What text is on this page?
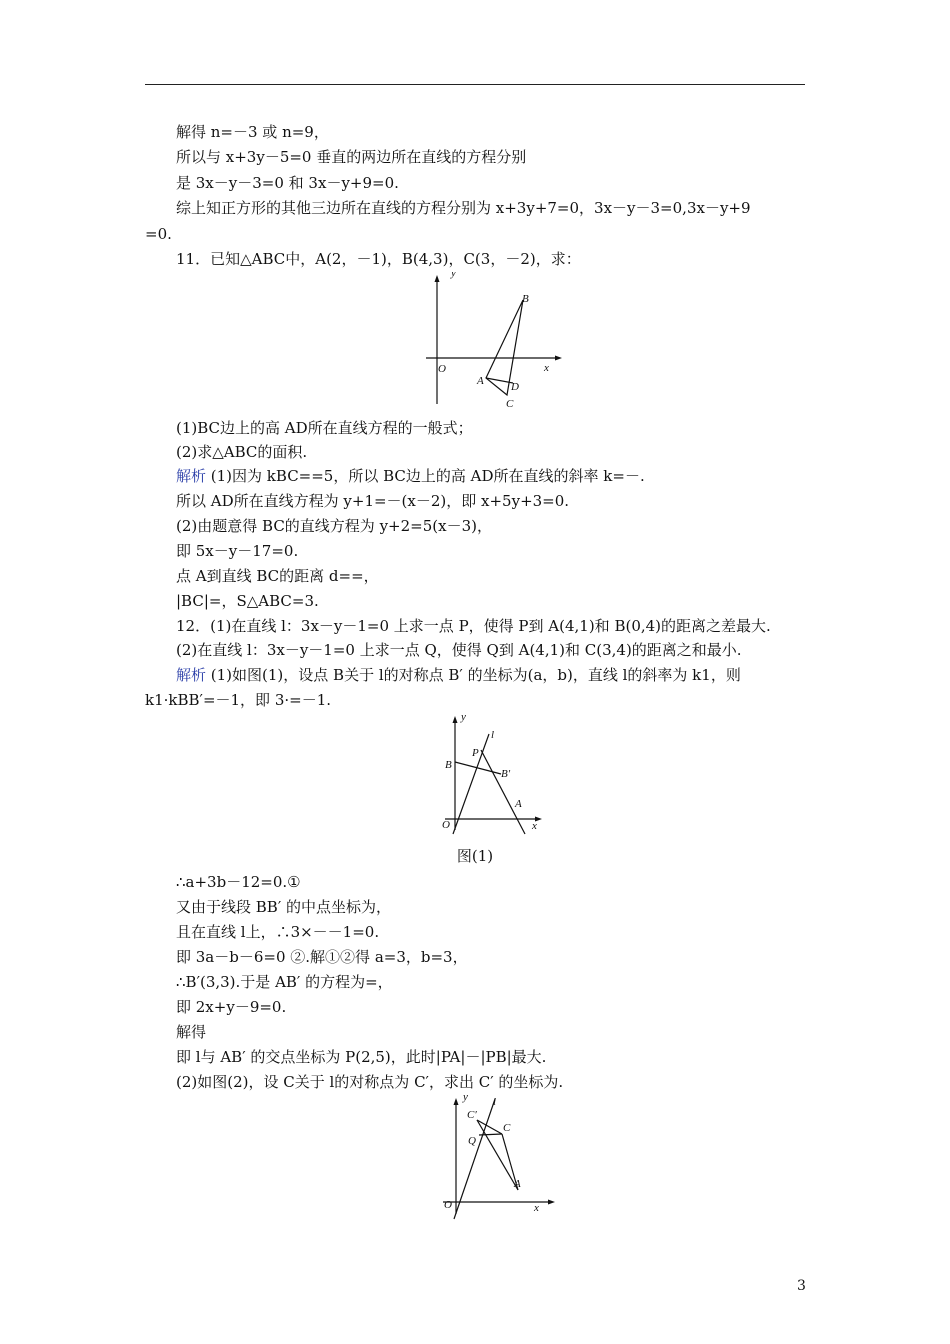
解得 n=－3 或 n=9，
所以与 x+3y－5=0 垂直的两边所在直线的方程分别
是 3x－y－3=0 和 3x－y+9=0.
综上知正方形的其他三边所在直线的方程分别为 x+3y+7=0，3x－y－3=0,3x－y+9
=0.
11．已知△ABC中，A(2，－1)，B(4,3)，C(3，－2)，求：
y
x
O
B
A D
C
(1)BC边上的高 AD所在直线方程的一般式；
(2)求△ABC的面积.
解析 (1)因为 kBC==5，所以 BC边上的高 AD所在直线的斜率 k=－.
所以 AD所在直线方程为 y+1=－(x－2)，即 x+5y+3=0.
(2)由题意得 BC的直线方程为 y+2=5(x－3)，
即 5x－y－17=0.
点 A到直线 BC的距离 d==，
|BC|=，S△ABC=3.
12．(1)在直线 l：3x－y－1=0 上求一点 P，使得 P到 A(4,1)和 B(0,4)的距离之差最大.
(2)在直线 l：3x－y－1=0 上求一点 Q，使得 Q到 A(4,1)和 C(3,4)的距离之和最小.
解析 (1)如图(1)，设点 B关于 l的对称点 B′ 的坐标为(a，b)，直线 l的斜率为 k1，则
k1·kBB′=－1，即 3·=－1.
y
l
P
B
B′
A
O	x
图(1)
∴a+3b－12=0.①
又由于线段 BB′ 的中点坐标为，
且在直线 l上，∴3×－－1=0.
即 3a－b－6=0 ②.解①②得 a=3，b=3，
∴B′(3,3).于是 AB′ 的方程为=，
即 2x+y－9=0.
解得
即 l与 AB′ 的交点坐标为 P(2,5)，此时|PA|－|PB|最大.
(2)如图(2)，设 C关于 l的对称点为 C′，求出 C′ 的坐标为.
y l
C′
C
Q
A
O	x
3
